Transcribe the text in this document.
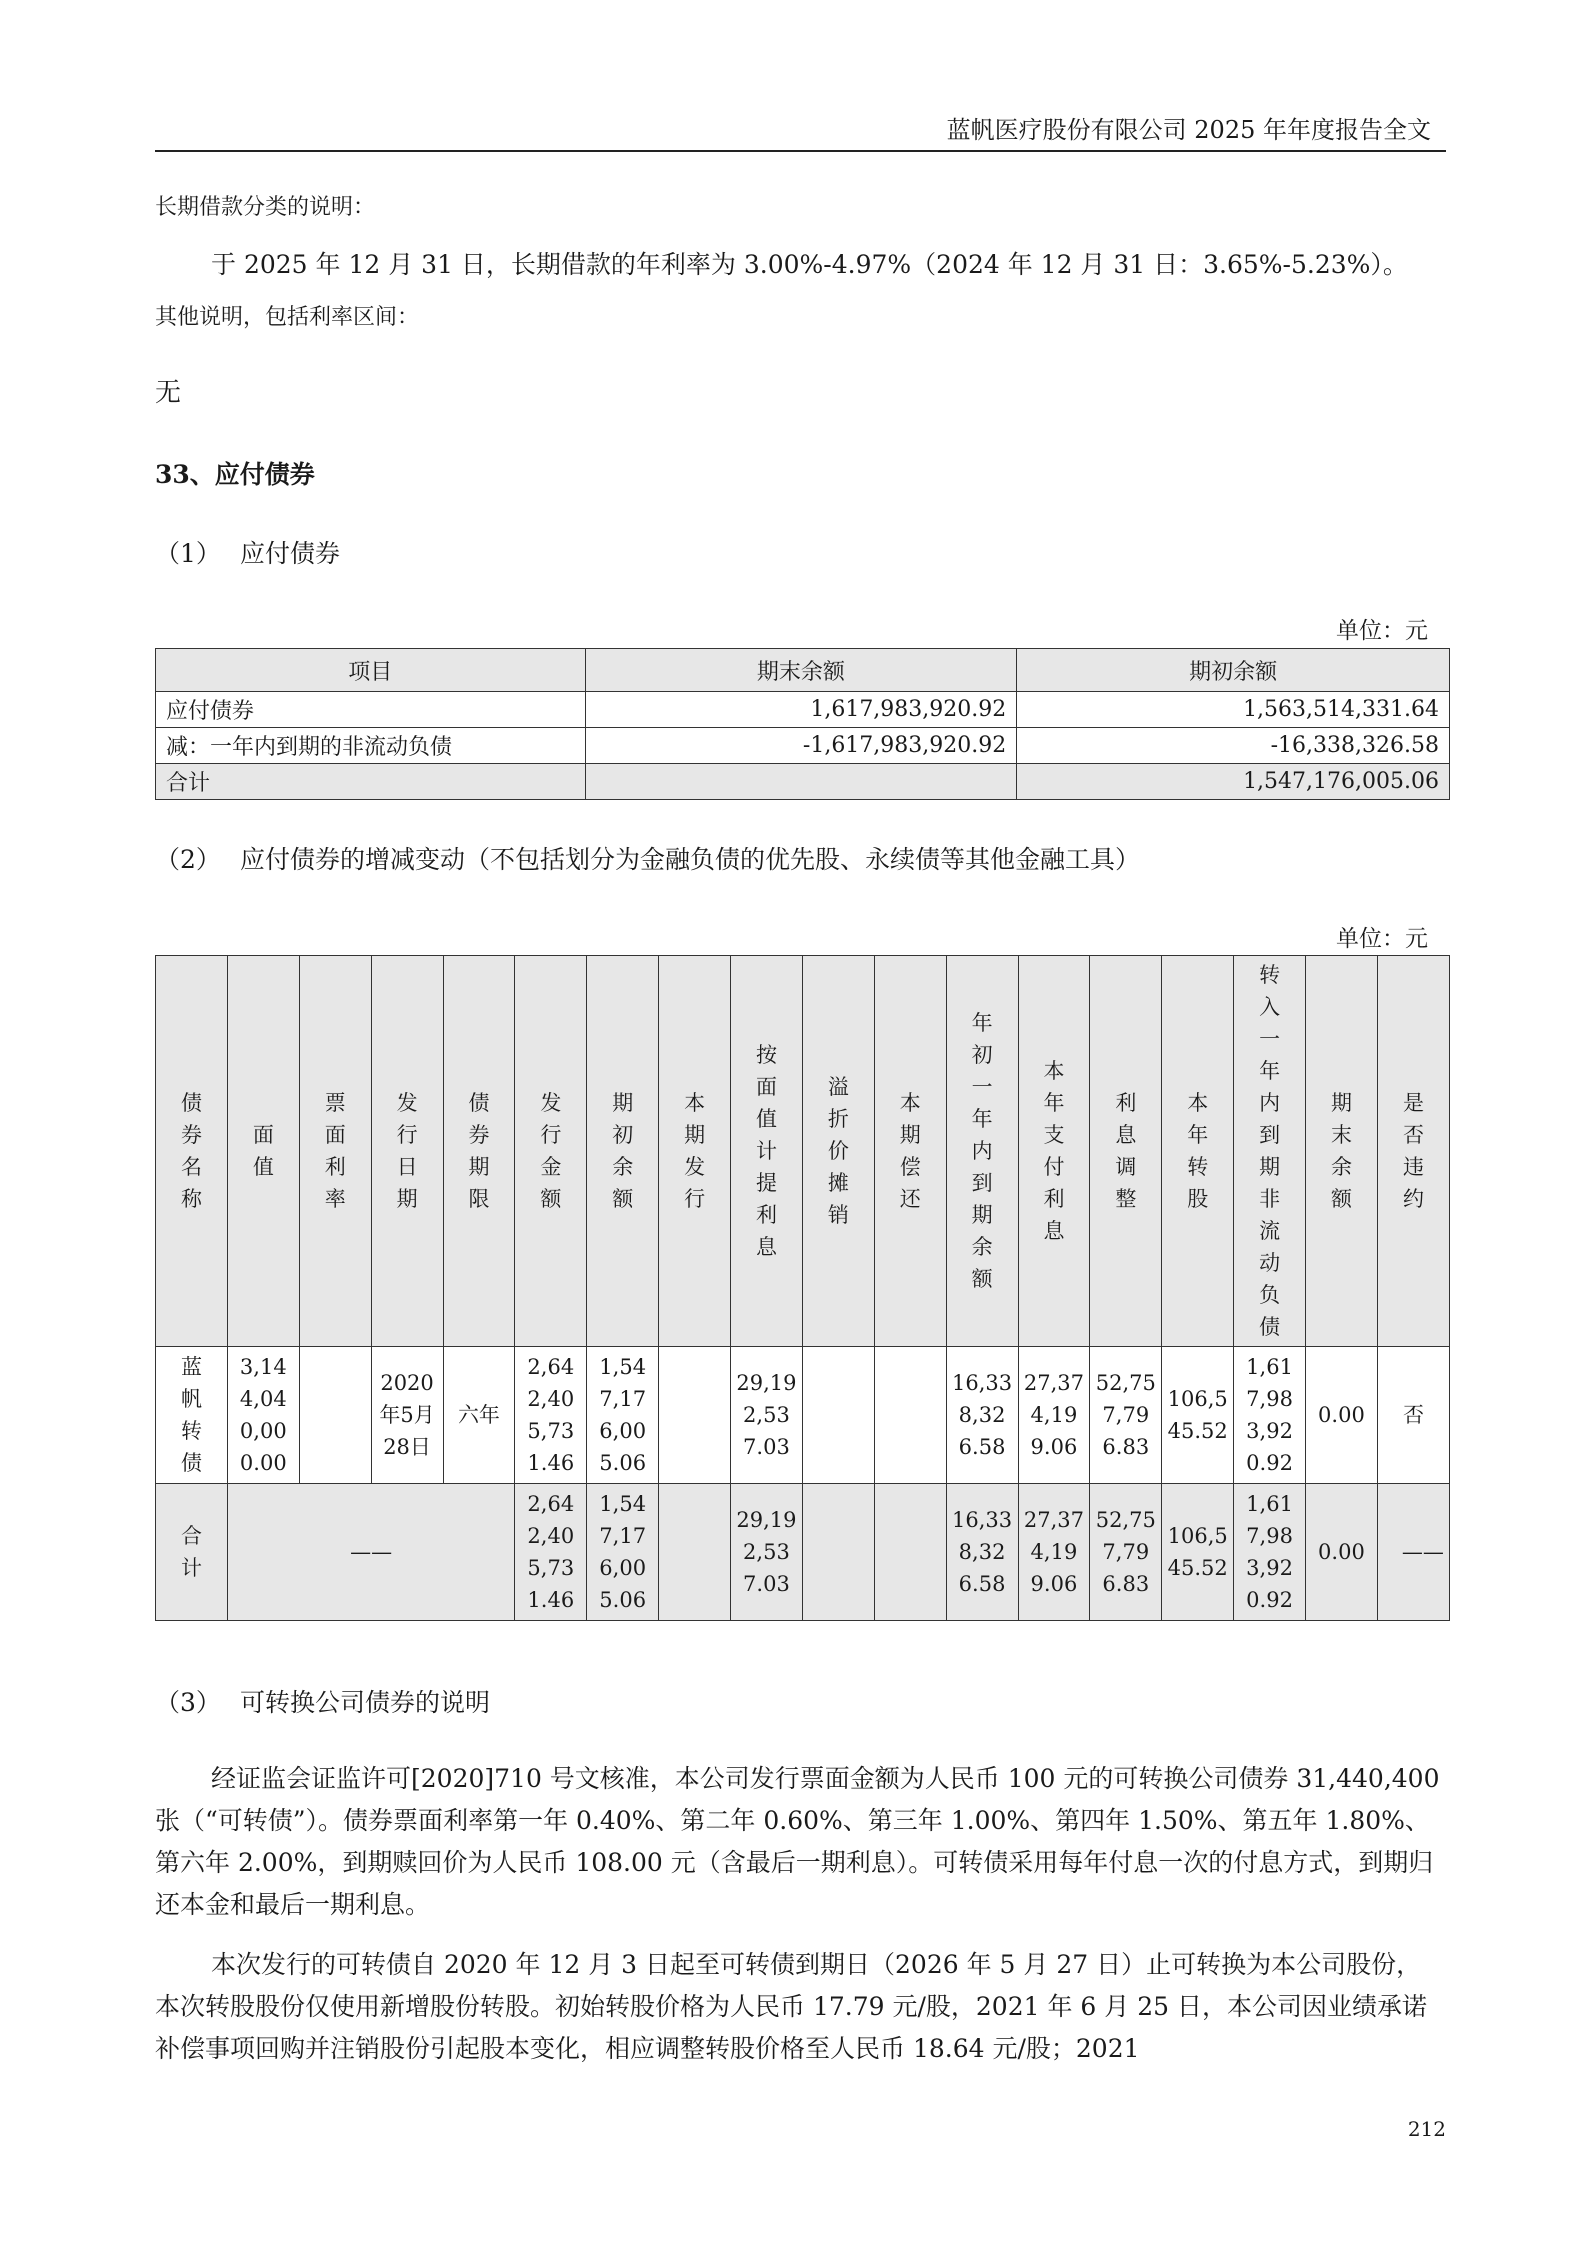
蓝帆医疗股份有限公司 2025 年年度报告全文
长期借款分类的说明：
于 2025 年 12 月 31 日，长期借款的年利率为 3.00%-4.97%（2024 年 12 月 31 日：3.65%-5.23%）。
其他说明，包括利率区间：
无
33、应付债券
（1） 应付债券
单位：元
项目	期末余额	期初余额
应付债券	1,617,983,920.92	1,563,514,331.64
减：一年内到期的非流动负债	-1,617,983,920.92	-16,338,326.58
合计		1,547,176,005.06
（2） 应付债券的增减变动（不包括划分为金融负债的优先股、永续债等其他金融工具）
单位：元
债券名称	面值	票面利率	发行日期	债券期限	发行金额	期初余额	本期发行	按面值计提利息	溢折价摊销	本期偿还	年初一年内到期余额	本年支付利息	利息调整	本年转股	转入一年内到期非流动负债	期末余额	是否违约
蓝帆转债	3,144,040,000.00		2020年5月28日	六年	2,642,405,731.46	1,547,176,005.06		29,192,537.03			16,338,326.58	27,374,199.06	52,757,796.83	106,545.52	1,617,983,920.92	0.00	否
合计	——				2,642,405,731.46	1,547,176,005.06		29,192,537.03			16,338,326.58	27,374,199.06	52,757,796.83	106,545.52	1,617,983,920.92	0.00	——
（3） 可转换公司债券的说明
经证监会证监许可[2020]710 号文核准，本公司发行票面金额为人民币 100 元的可转换公司债券 31,440,400 张（“可转债”）。债券票面利率第一年 0.40%、第二年 0.60%、第三年 1.00%、第四年 1.50%、第五年 1.80%、第六年 2.00%，到期赎回价为人民币 108.00 元（含最后一期利息）。可转债采用每年付息一次的付息方式，到期归还本金和最后一期利息。
本次发行的可转债自 2020 年 12 月 3 日起至可转债到期日（2026 年 5 月 27 日）止可转换为本公司股份，本次转股股份仅使用新增股份转股。初始转股价格为人民币 17.79 元/股，2021 年 6 月 25 日，本公司因业绩承诺补偿事项回购并注销股份引起股本变化，相应调整转股价格至人民币 18.64 元/股；2021
212
